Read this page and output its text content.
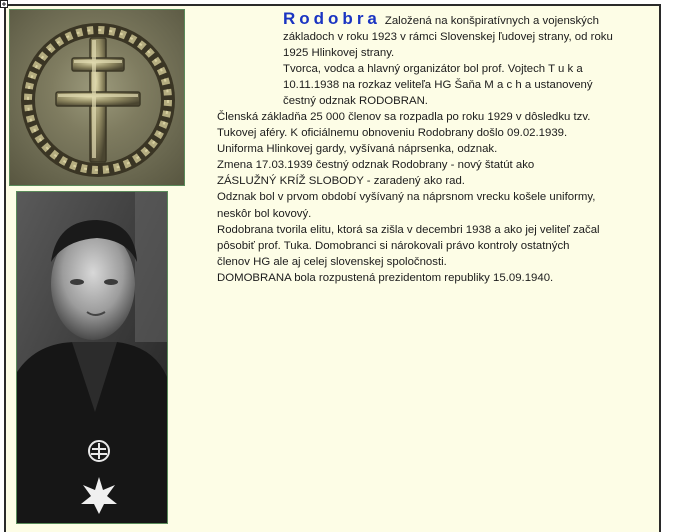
Rodobra Založená na konšpiratívnych a vojenských
základoch v roku 1923 v rámci Slovenskej ľudovej strany, od roku
1925 Hlinkovej strany.
Tvorca, vodca a hlavný organizátor bol prof. Vojtech T u k a
10.11.1938 na rozkaz veliteľa HG Šaňa M a c h a ustanovený
čestný odznak RODOBRAN.
Členská základňa 25 000 členov sa rozpadla po roku 1929 v dôsledku tzv.
Tukovej aféry. K oficiálnemu obnoveniu Rodobrany došlo 09.02.1939.
Uniforma Hlinkovej gardy, vyšívaná náprsenka, odznak.
Zmena 17.03.1939 čestný odznak Rodobrany - nový štatút ako
ZÁSLUŽNÝ KRÍŽ SLOBODY - zaradený ako rad.
Odznak bol v prvom období vyšívaný na náprsnom vrecku košele uniformy,
neskôr bol kovový.
Rodobrana tvorila elitu, ktorá sa zišla v decembri 1938 a ako jej veliteľ začal
pôsobiť prof. Tuka. Domobranci si nárokovali právo kontroly ostatných
členov HG ale aj celej slovenskej spoločnosti.
DOMOBRANA bola rozpustená prezidentom republiky 15.09.1940.
